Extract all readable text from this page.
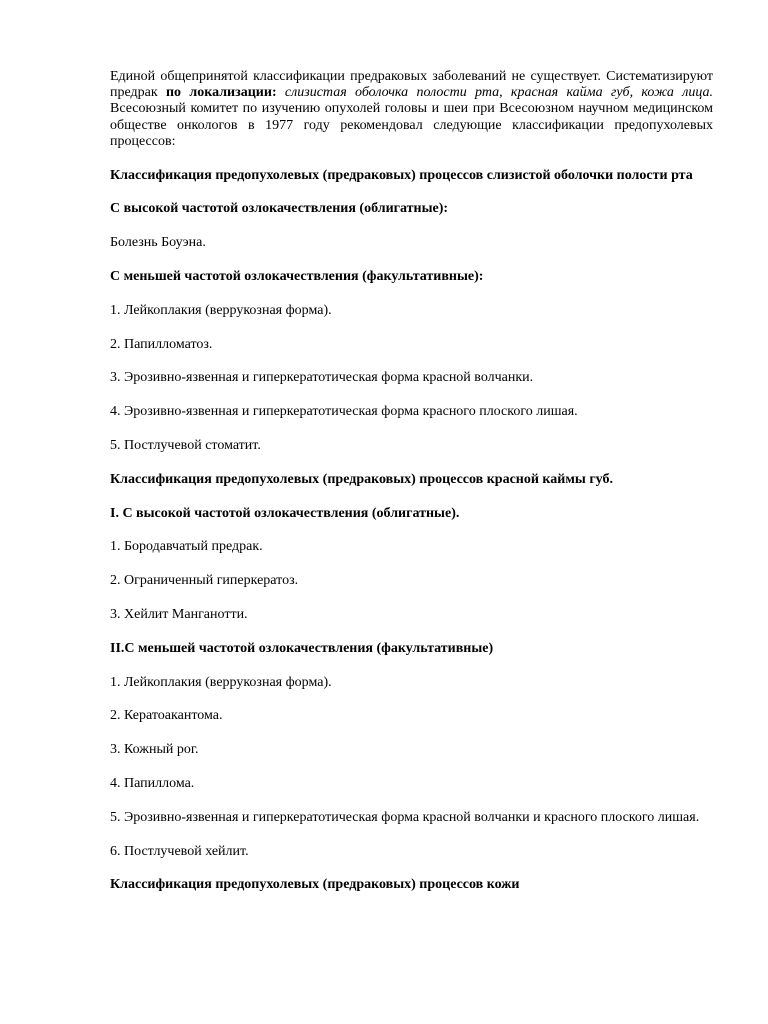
Единой общепринятой классификации предраковых заболеваний не существует. Систематизируют предрак по локализации: слизистая оболочка полости рта, красная кайма губ, кожа лица. Всесоюзный комитет по изучению опухолей головы и шеи при Всесоюзном научном медицинском обществе онкологов в 1977 году рекомендовал следующие классификации предопухолевых процессов:

Классификация предопухолевых (предраковых) процессов слизистой оболочки полости рта

С высокой частотой озлокачествления (облигатные):

Болезнь Боуэна.

С меньшей частотой озлокачествления (факультативные):

1. Лейкоплакия (веррукозная форма).

2. Папилломатоз.

3. Эрозивно-язвенная и гиперкератотическая форма красной волчанки.

4. Эрозивно-язвенная и гиперкератотическая форма красного плоского лишая.

5. Постлучевой стоматит.

Классификация предопухолевых (предраковых) процессов красной каймы губ.

I. С высокой частотой озлокачествления (облигатные).

1. Бородавчатый предрак.

2. Ограниченный гиперкератоз.

3. Хейлит Манганотти.

II.С меньшей частотой озлокачествления (факультативные)

1. Лейкоплакия (веррукозная форма).

2. Кератоакантома.

3. Кожный рог.

4. Папиллома.

5. Эрозивно-язвенная и гиперкератотическая форма красной волчанки и красного плоского лишая.

6. Постлучевой хейлит.

Классификация предопухолевых (предраковых) процессов кожи
